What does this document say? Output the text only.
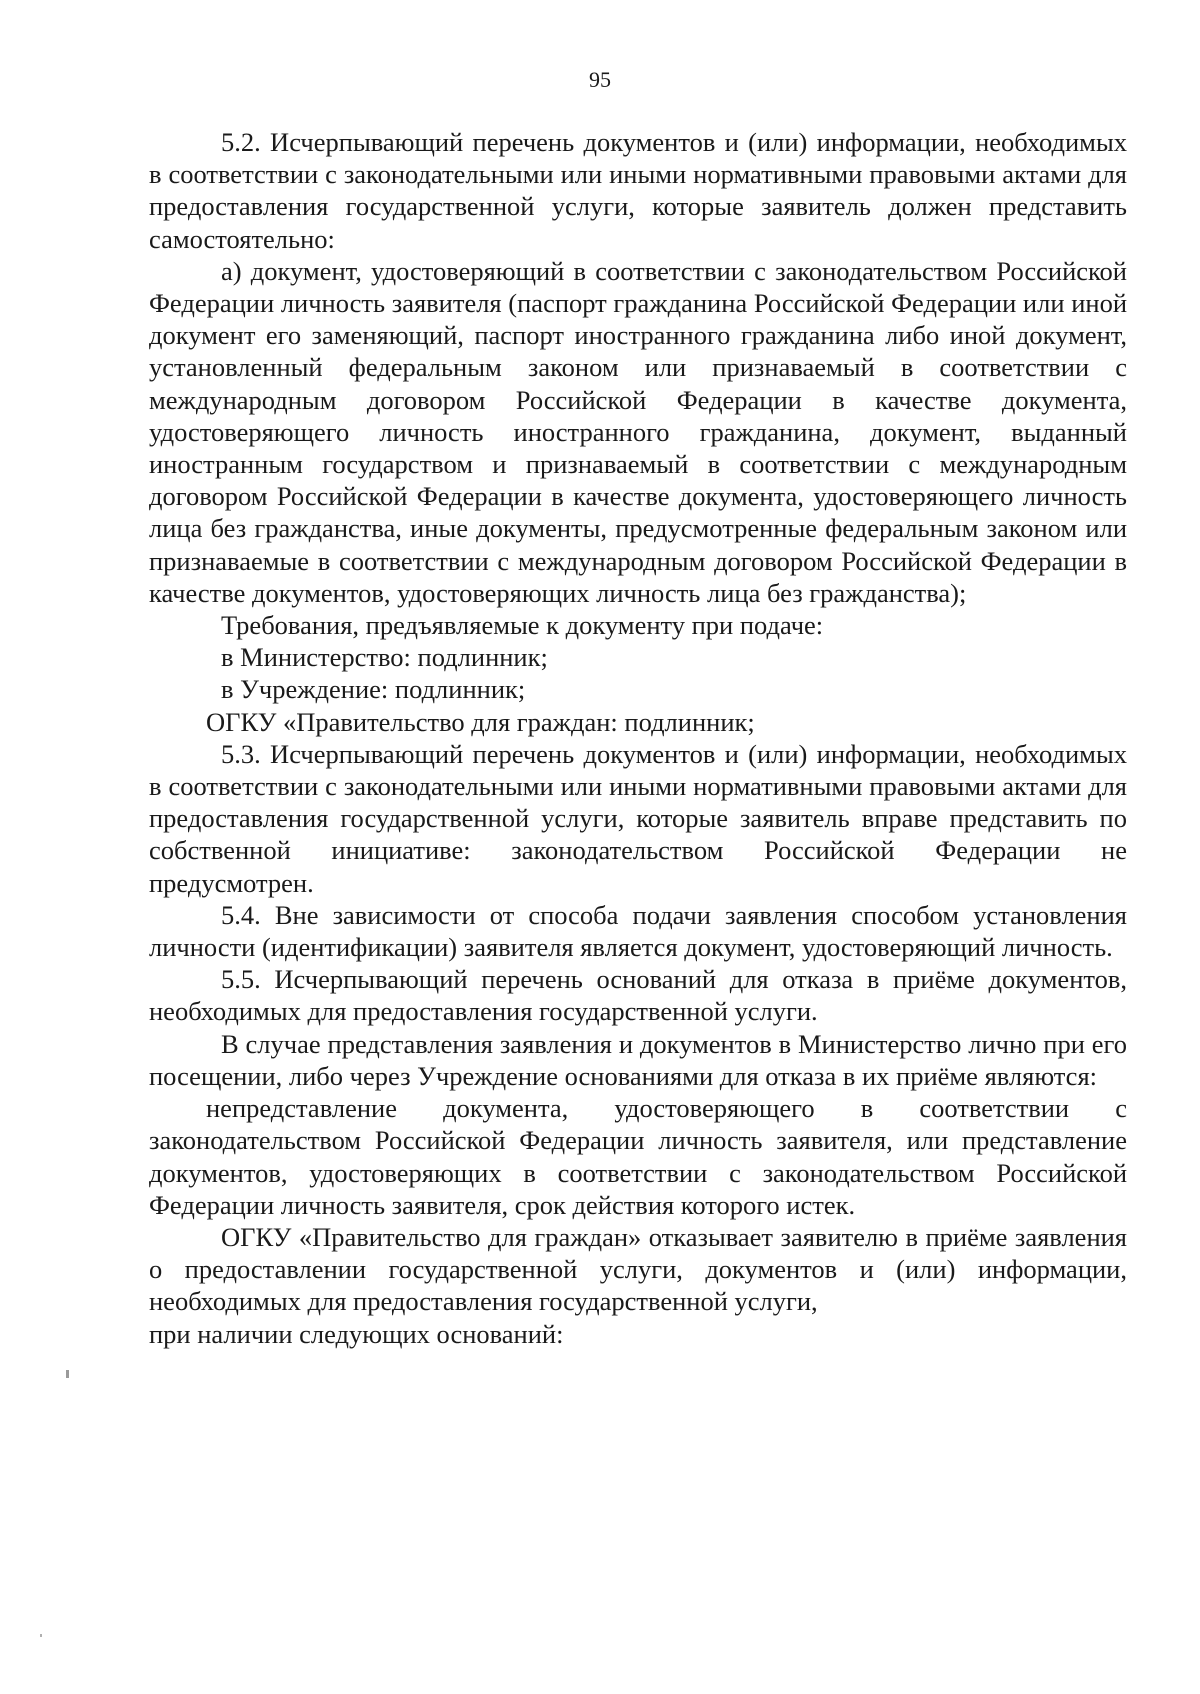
95

5.2. Исчерпывающий перечень документов и (или) информации, необходимых в соответствии с законодательными или иными нормативными правовыми актами для предоставления государственной услуги, которые заявитель должен представить самостоятельно:

а) документ, удостоверяющий в соответствии с законодательством Российской Федерации личность заявителя (паспорт гражданина Российской Федерации или иной документ его заменяющий, паспорт иностранного гражданина либо иной документ, установленный федеральным законом или признаваемый в соответствии с международным договором Российской Федерации в качестве документа, удостоверяющего личность иностранного гражданина, документ, выданный иностранным государством и признаваемый в соответствии с международным договором Российской Федерации в качестве документа, удостоверяющего личность лица без гражданства, иные документы, предусмотренные федеральным законом или признаваемые в соответствии с международным договором Российской Федерации в качестве документов, удостоверяющих личность лица без гражданства);

Требования, предъявляемые к документу при подаче:

в Министерство: подлинник;

в Учреждение: подлинник;

ОГКУ «Правительство для граждан: подлинник;

5.3. Исчерпывающий перечень документов и (или) информации, необходимых в соответствии с законодательными или иными нормативными правовыми актами для предоставления государственной услуги, которые заявитель вправе представить по собственной инициативе: законодательством Российской Федерации не предусмотрен.

5.4. Вне зависимости от способа подачи заявления способом установления личности (идентификации) заявителя является документ, удостоверяющий личность.

5.5. Исчерпывающий перечень оснований для отказа в приёме документов, необходимых для предоставления государственной услуги.

В случае представления заявления и документов в Министерство лично при его посещении, либо через Учреждение основаниями для отказа в их приёме являются:

непредставление документа, удостоверяющего в соответствии с законодательством Российской Федерации личность заявителя, или представление документов, удостоверяющих в соответствии с законодательством Российской Федерации личность заявителя, срок действия которого истек.

ОГКУ «Правительство для граждан» отказывает заявителю в приёме заявления о предоставлении государственной услуги, документов и (или) информации, необходимых для предоставления государственной услуги,

при наличии следующих оснований:
